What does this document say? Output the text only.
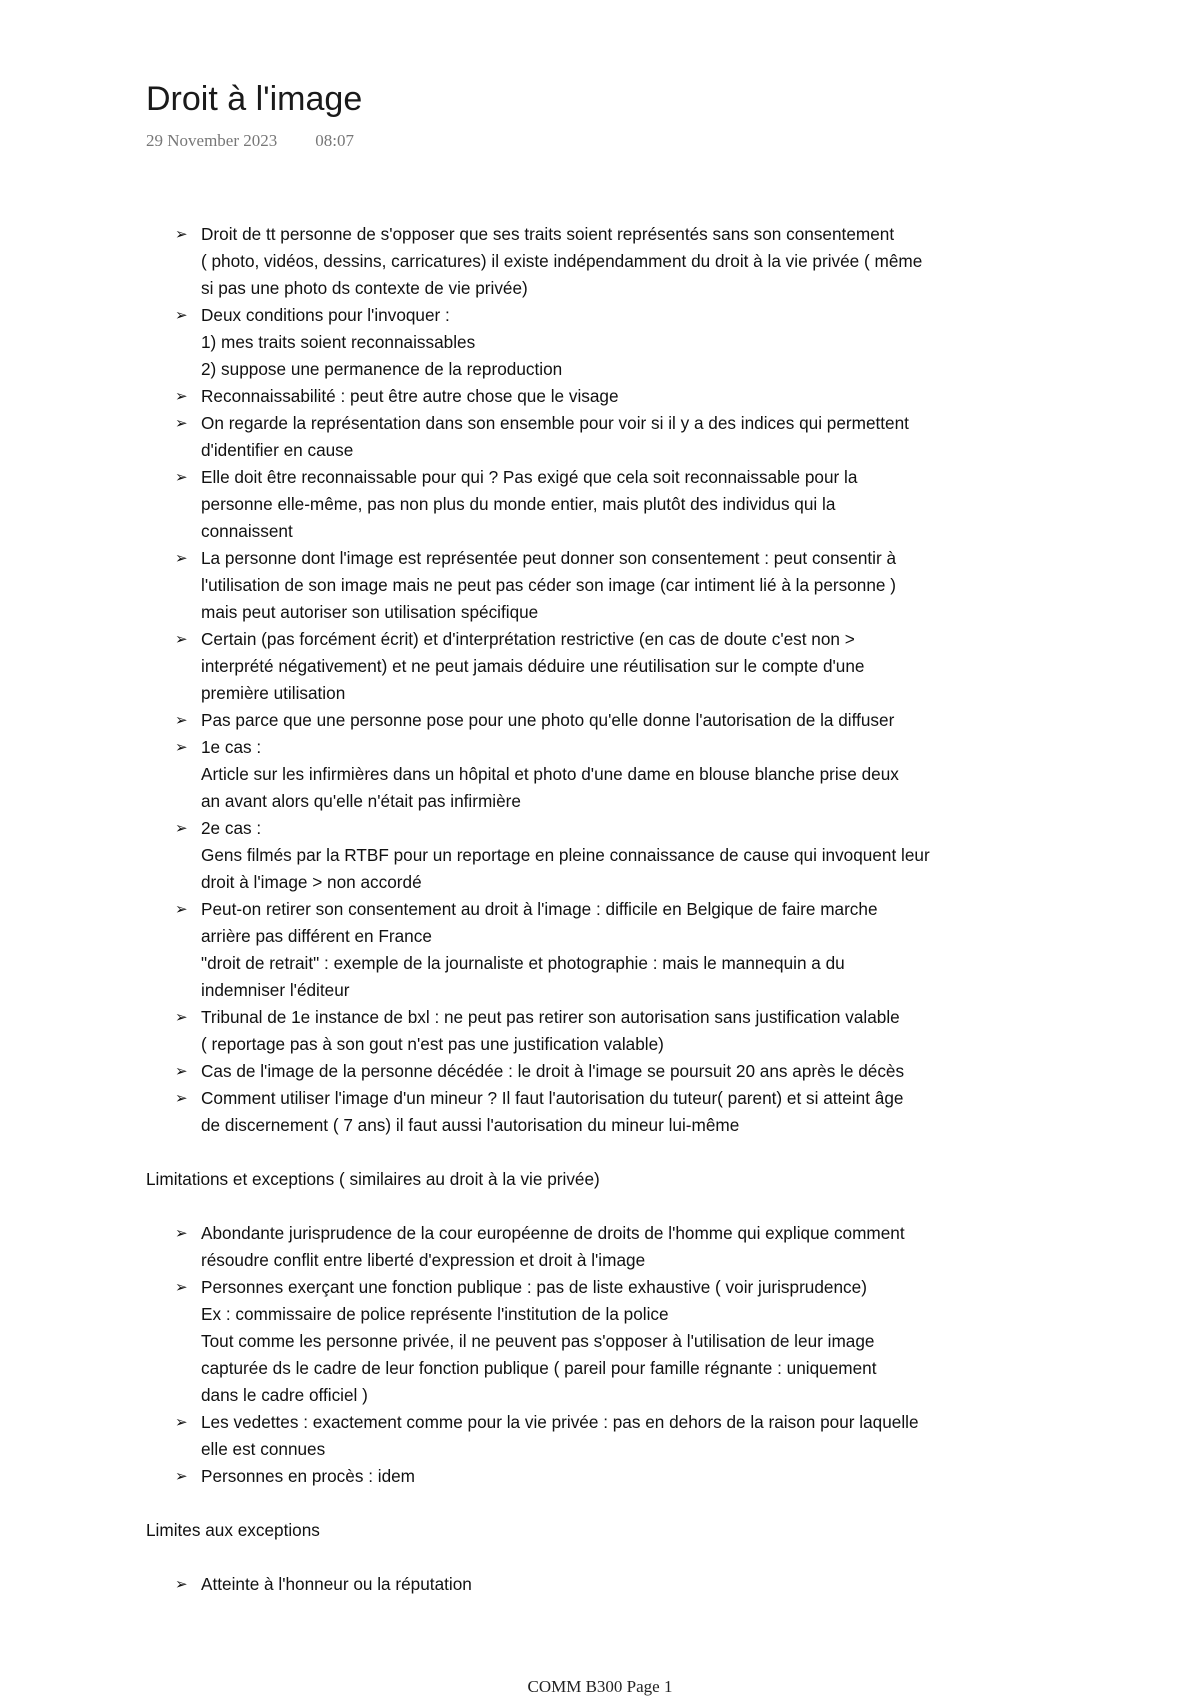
Droit à l'image
29 November 2023 08:07
➢ Droit de tt personne de s'opposer que ses traits soient représentés sans son consentement
( photo, vidéos, dessins, carricatures) il existe indépendamment du droit à la vie privée ( même
si pas une photo ds contexte de vie privée)
➢ Deux conditions pour l'invoquer :
1) mes traits soient reconnaissables
2) suppose une permanence de la reproduction
➢ Reconnaissabilité : peut être autre chose que le visage
➢ On regarde la représentation dans son ensemble pour voir si il y a des indices qui permettent
d'identifier en cause
➢ Elle doit être reconnaissable pour qui ? Pas exigé que cela soit reconnaissable pour la
personne elle-même, pas non plus du monde entier, mais plutôt des individus qui la
connaissent
➢ La personne dont l'image est représentée peut donner son consentement : peut consentir à
l'utilisation de son image mais ne peut pas céder son image (car intiment lié à la personne )
mais peut autoriser son utilisation spécifique
➢ Certain (pas forcément écrit) et d'interprétation restrictive (en cas de doute c'est non >
interprété négativement) et ne peut jamais déduire une réutilisation sur le compte d'une
première utilisation
➢ Pas parce que une personne pose pour une photo qu'elle donne l'autorisation de la diffuser
➢ 1e cas :
Article sur les infirmières dans un hôpital et photo d'une dame en blouse blanche prise deux
an avant alors qu'elle n'était pas infirmière
➢ 2e cas :
Gens filmés par la RTBF pour un reportage en pleine connaissance de cause qui invoquent leur
droit à l'image > non accordé
➢ Peut-on retirer son consentement au droit à l'image : difficile en Belgique de faire marche
arrière pas différent en France
"droit de retrait" : exemple de la journaliste et photographie : mais le mannequin a du
indemniser l'éditeur
➢ Tribunal de 1e instance de bxl : ne peut pas retirer son autorisation sans justification valable
( reportage pas à son gout n'est pas une justification valable)
➢ Cas de l'image de la personne décédée : le droit à l'image se poursuit 20 ans après le décès
➢ Comment utiliser l'image d'un mineur ? Il faut l'autorisation du tuteur( parent) et si atteint âge
de discernement ( 7 ans) il faut aussi l'autorisation du mineur lui-même
Limitations et exceptions ( similaires au droit à la vie privée)
➢ Abondante jurisprudence de la cour européenne de droits de l'homme qui explique comment
résoudre conflit entre liberté d'expression et droit à l'image
➢ Personnes exerçant une fonction publique : pas de liste exhaustive ( voir jurisprudence)
Ex : commissaire de police représente l'institution de la police
Tout comme les personne privée, il ne peuvent pas s'opposer à l'utilisation de leur image
capturée ds le cadre de leur fonction publique ( pareil pour famille régnante : uniquement
dans le cadre officiel )
➢ Les vedettes : exactement comme pour la vie privée : pas en dehors de la raison pour laquelle
elle est connues
➢ Personnes en procès : idem
Limites aux exceptions
➢ Atteinte à l'honneur ou la réputation
COMM B300 Page 1
